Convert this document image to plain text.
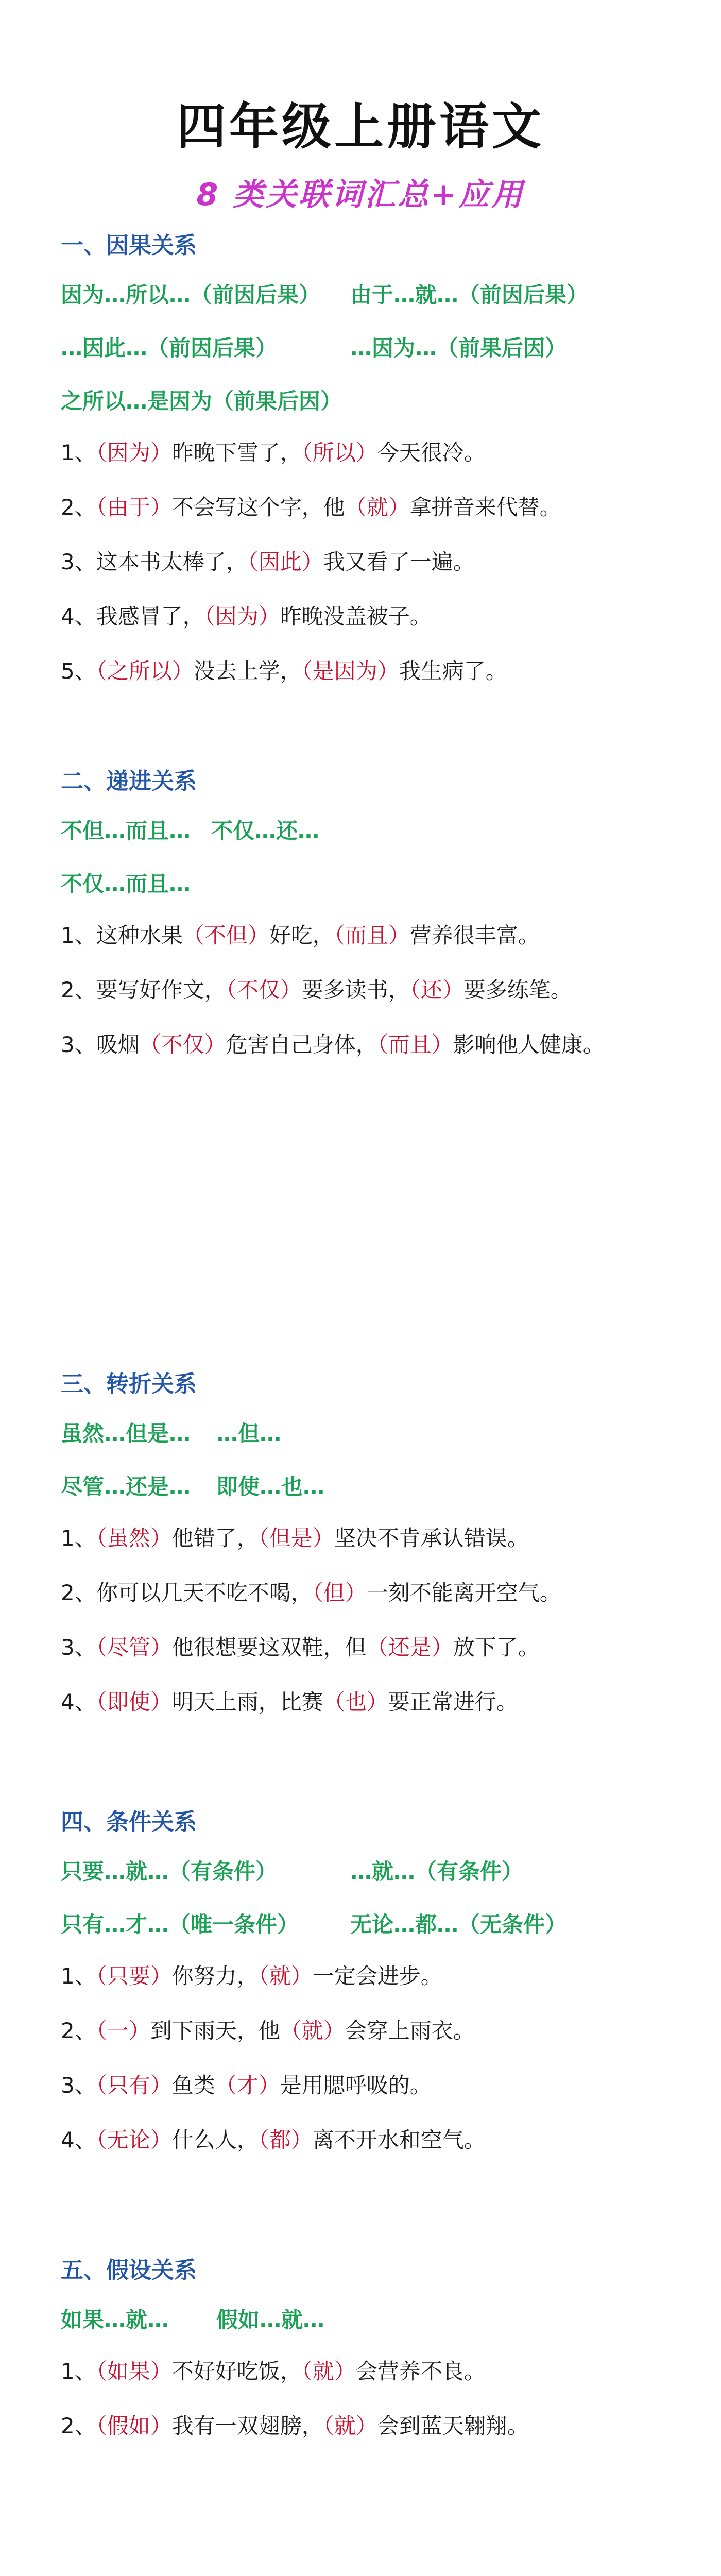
四年级上册语文
8 类关联词汇总+应用
一、因果关系
因为…所以…（前因后果） 由于…就…（前因后果）
…因此…（前因后果）	…因为…（前果后因）
之所以…是因为（前果后因）
1、（因为）昨晚下雪了，（所以）今天很冷。
2、（由于）不会写这个字，他（就）拿拼音来代替。
3、这本书太棒了，（因此）我又看了一遍。
4、我感冒了，（因为）昨晚没盖被子。
5、（之所以）没去上学，（是因为）我生病了。
二、递进关系
不但…而且… 不仅…还…
不仅…而且…
1、这种水果（不但）好吃，（而且）营养很丰富。
2、要写好作文，（不仅）要多读书，（还）要多练笔。
3、吸烟（不仅）危害自己身体，（而且）影响他人健康。
三、转折关系
虽然…但是… …但…
尽管…还是… 即使…也…
1、（虽然）他错了，（但是）坚决不肯承认错误。
2、你可以几天不吃不喝，（但）一刻不能离开空气。
3、（尽管）他很想要这双鞋，但（还是）放下了。
4、（即使）明天上雨，比赛（也）要正常进行。
四、条件关系
只要…就…（有条件）	…就…（有条件）
只有…才…（唯一条件） 无论…都…（无条件）
1、（只要）你努力，（就）一定会进步。
2、（一）到下雨天，他（就）会穿上雨衣。
3、（只有）鱼类（才）是用腮呼吸的。
4、（无论）什么人，（都）离不开水和空气。
五、假设关系
如果…就… 假如…就…
1、（如果）不好好吃饭，（就）会营养不良。
2、（假如）我有一双翅膀，（就）会到蓝天翱翔。
